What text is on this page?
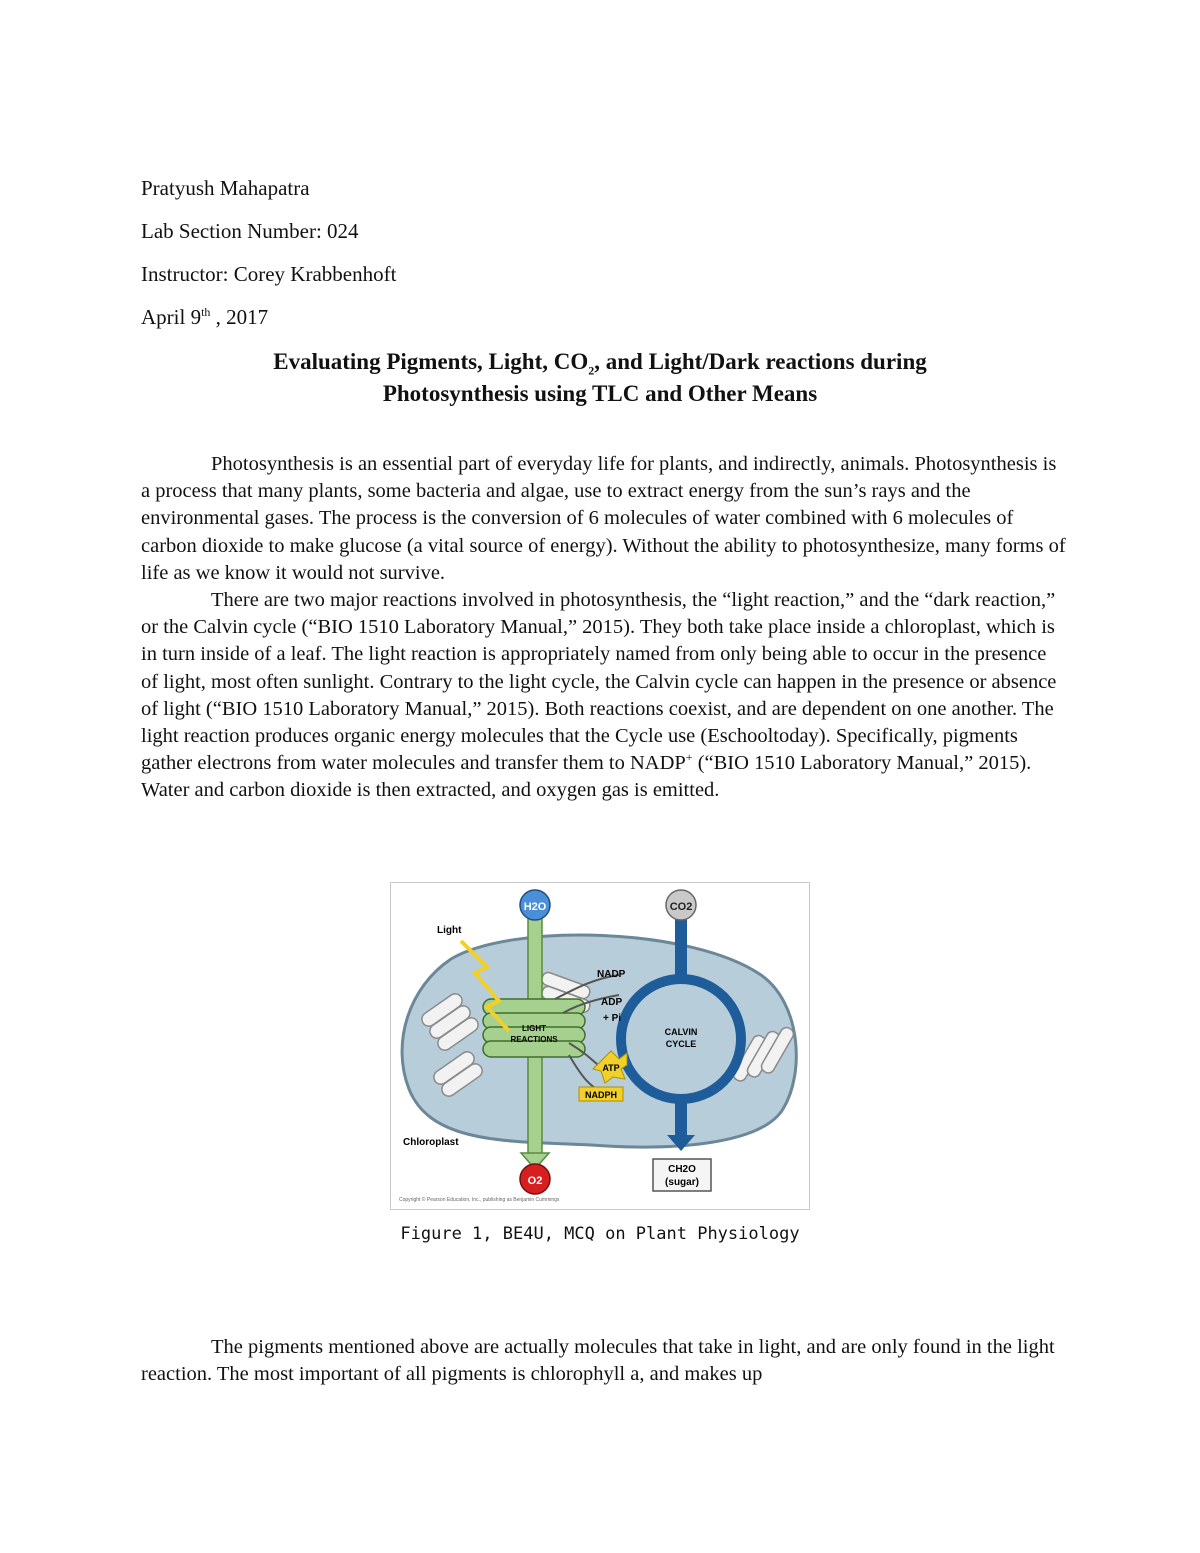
Pratyush Mahapatra
Lab Section Number: 024
Instructor: Corey Krabbenhoft
April 9th , 2017
Evaluating Pigments, Light, $CO_2$, and Light/Dark reactions during
Photosynthesis using TLC and Other Means

Photosynthesis is an essential part of everyday life for plants, and indirectly, animals. Photosynthesis is a process that many plants, some bacteria and algae, use to extract energy from the sun’s rays and the environmental gases. The process is the conversion of 6 molecules of water combined with 6 molecules of carbon dioxide to make glucose (a vital source of energy). Without the ability to photosynthesize, many forms of life as we know it would not survive.

There are two major reactions involved in photosynthesis, the “light reaction,” and the “dark reaction,” or the Calvin cycle (“BIO 1510 Laboratory Manual,” 2015). They both take place inside a chloroplast, which is in turn inside of a leaf. The light reaction is appropriately named from only being able to occur in the presence of light, most often sunlight. Contrary to the light cycle, the Calvin cycle can happen in the presence or absence of light (“BIO 1510 Laboratory Manual,” 2015). Both reactions coexist, and are dependent on one another. The light reaction produces organic energy molecules that the Cycle use (Eschooltoday). Specifically, pigments gather electrons from water molecules and transfer them to NADP+ (“BIO 1510 Laboratory Manual,” 2015). Water and carbon dioxide is then extracted, and oxygen gas is emitted.

H2O	CO2
O2
CH2O
(sugar)
Light
NADP
ADP
+ Pi
LIGHT
REACTIONS
CALVIN
CYCLE
ATP
NADPH
Chloroplast
Copyright © Pearson Education, Inc., publishing as Benjamin Cummings
Figure 1, BE4U, MCQ on Plant Physiology

The pigments mentioned above are actually molecules that take in light, and are only found in the light reaction. The most important of all pigments is chlorophyll a, and makes up
